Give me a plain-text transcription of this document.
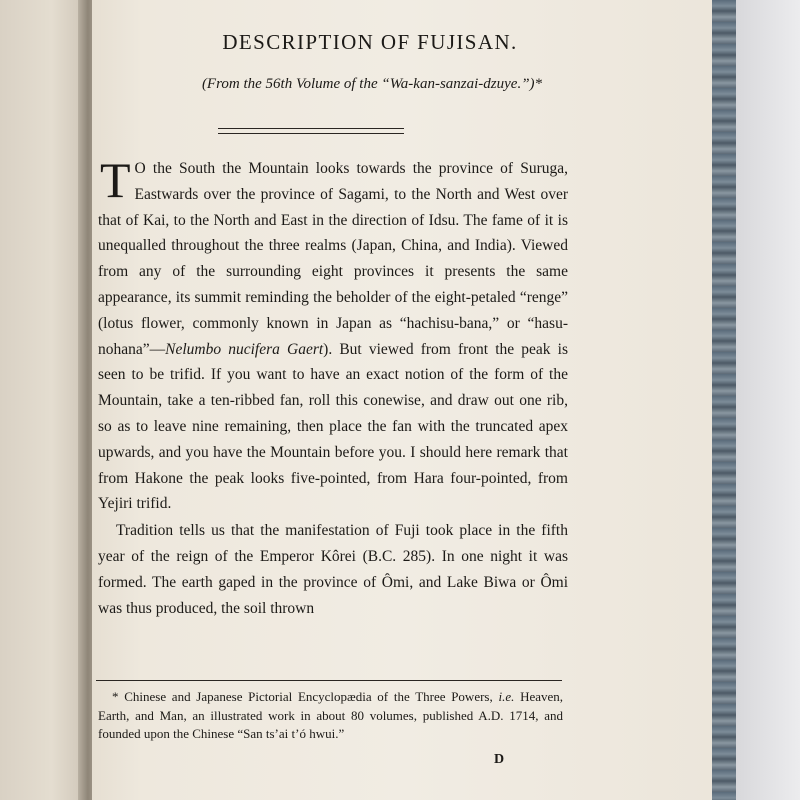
DESCRIPTION OF FUJISAN.
(From the 56th Volume of the “Wa-kan-sanzai-dzuye.”)*

T O the South the Mountain looks towards the province of Suruga, Eastwards over the province of Sagami, to the North and West over that of Kai, to the North and East in the direction of Idsu. The fame of it is unequalled throughout the three realms (Japan, China, and India). Viewed from any of the surrounding eight provinces it presents the same appearance, its summit reminding the beholder of the eight-petaled “renge” (lotus flower, commonly known in Japan as “hachisu-bana,” or “hasu-nohana”—Nelumbo nucifera Gaert). But viewed from front the peak is seen to be trifid. If you want to have an exact notion of the form of the Mountain, take a ten-ribbed fan, roll this conewise, and draw out one rib, so as to leave nine remaining, then place the fan with the truncated apex upwards, and you have the Mountain before you. I should here remark that from Hakone the peak looks five-pointed, from Hara four-pointed, from Yejiri trifid.

Tradition tells us that the manifestation of Fuji took place in the fifth year of the reign of the Emperor Kôrei (B.C. 285). In one night it was formed. The earth gaped in the province of Ômi, and Lake Biwa or Ômi was thus produced, the soil thrown

* Chinese and Japanese Pictorial Encyclopædia of the Three Powers, i.e. Heaven, Earth, and Man, an illustrated work in about 80 volumes, published A.D. 1714, and founded upon the Chinese “San ts’ai t’ó hwui.”
D
